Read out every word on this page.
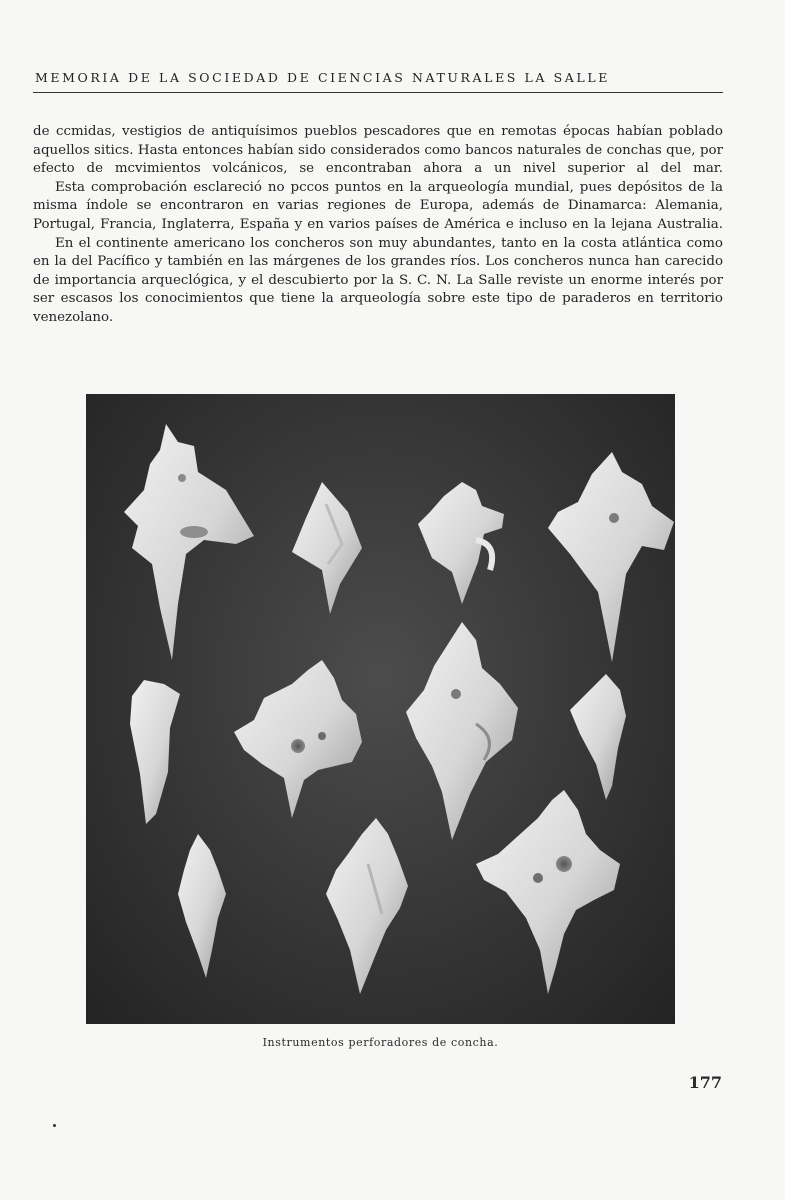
MEMORIA DE LA SOCIEDAD DE CIENCIAS NATURALES LA SALLE

de ccmidas, vestigios de antiquísimos pueblos pescadores que en remotas épocas habían poblado aquellos sitics. Hasta entonces habían sido considerados como bancos naturales de conchas que, por efecto de mcvimientos volcánicos, se encontraban ahora a un nivel superior al del mar.

Esta comprobación esclareció no pccos puntos en la arqueología mundial, pues depósitos de la misma índole se encontraron en varias regiones de Europa, además de Dinamarca: Alemania, Portugal, Francia, Inglaterra, España y en varios países de América e incluso en la lejana Australia.

En el continente americano los concheros son muy abundantes, tanto en la costa atlántica como en la del Pacífico y también en las márgenes de los grandes ríos. Los concheros nunca han carecido de importancia arqueclógica, y el descubierto por la S. C. N. La Salle reviste un enorme interés por ser escasos los conocimientos que tiene la arqueología sobre este tipo de paraderos en territorio venezolano.

Instrumentos perforadores de concha.
177
